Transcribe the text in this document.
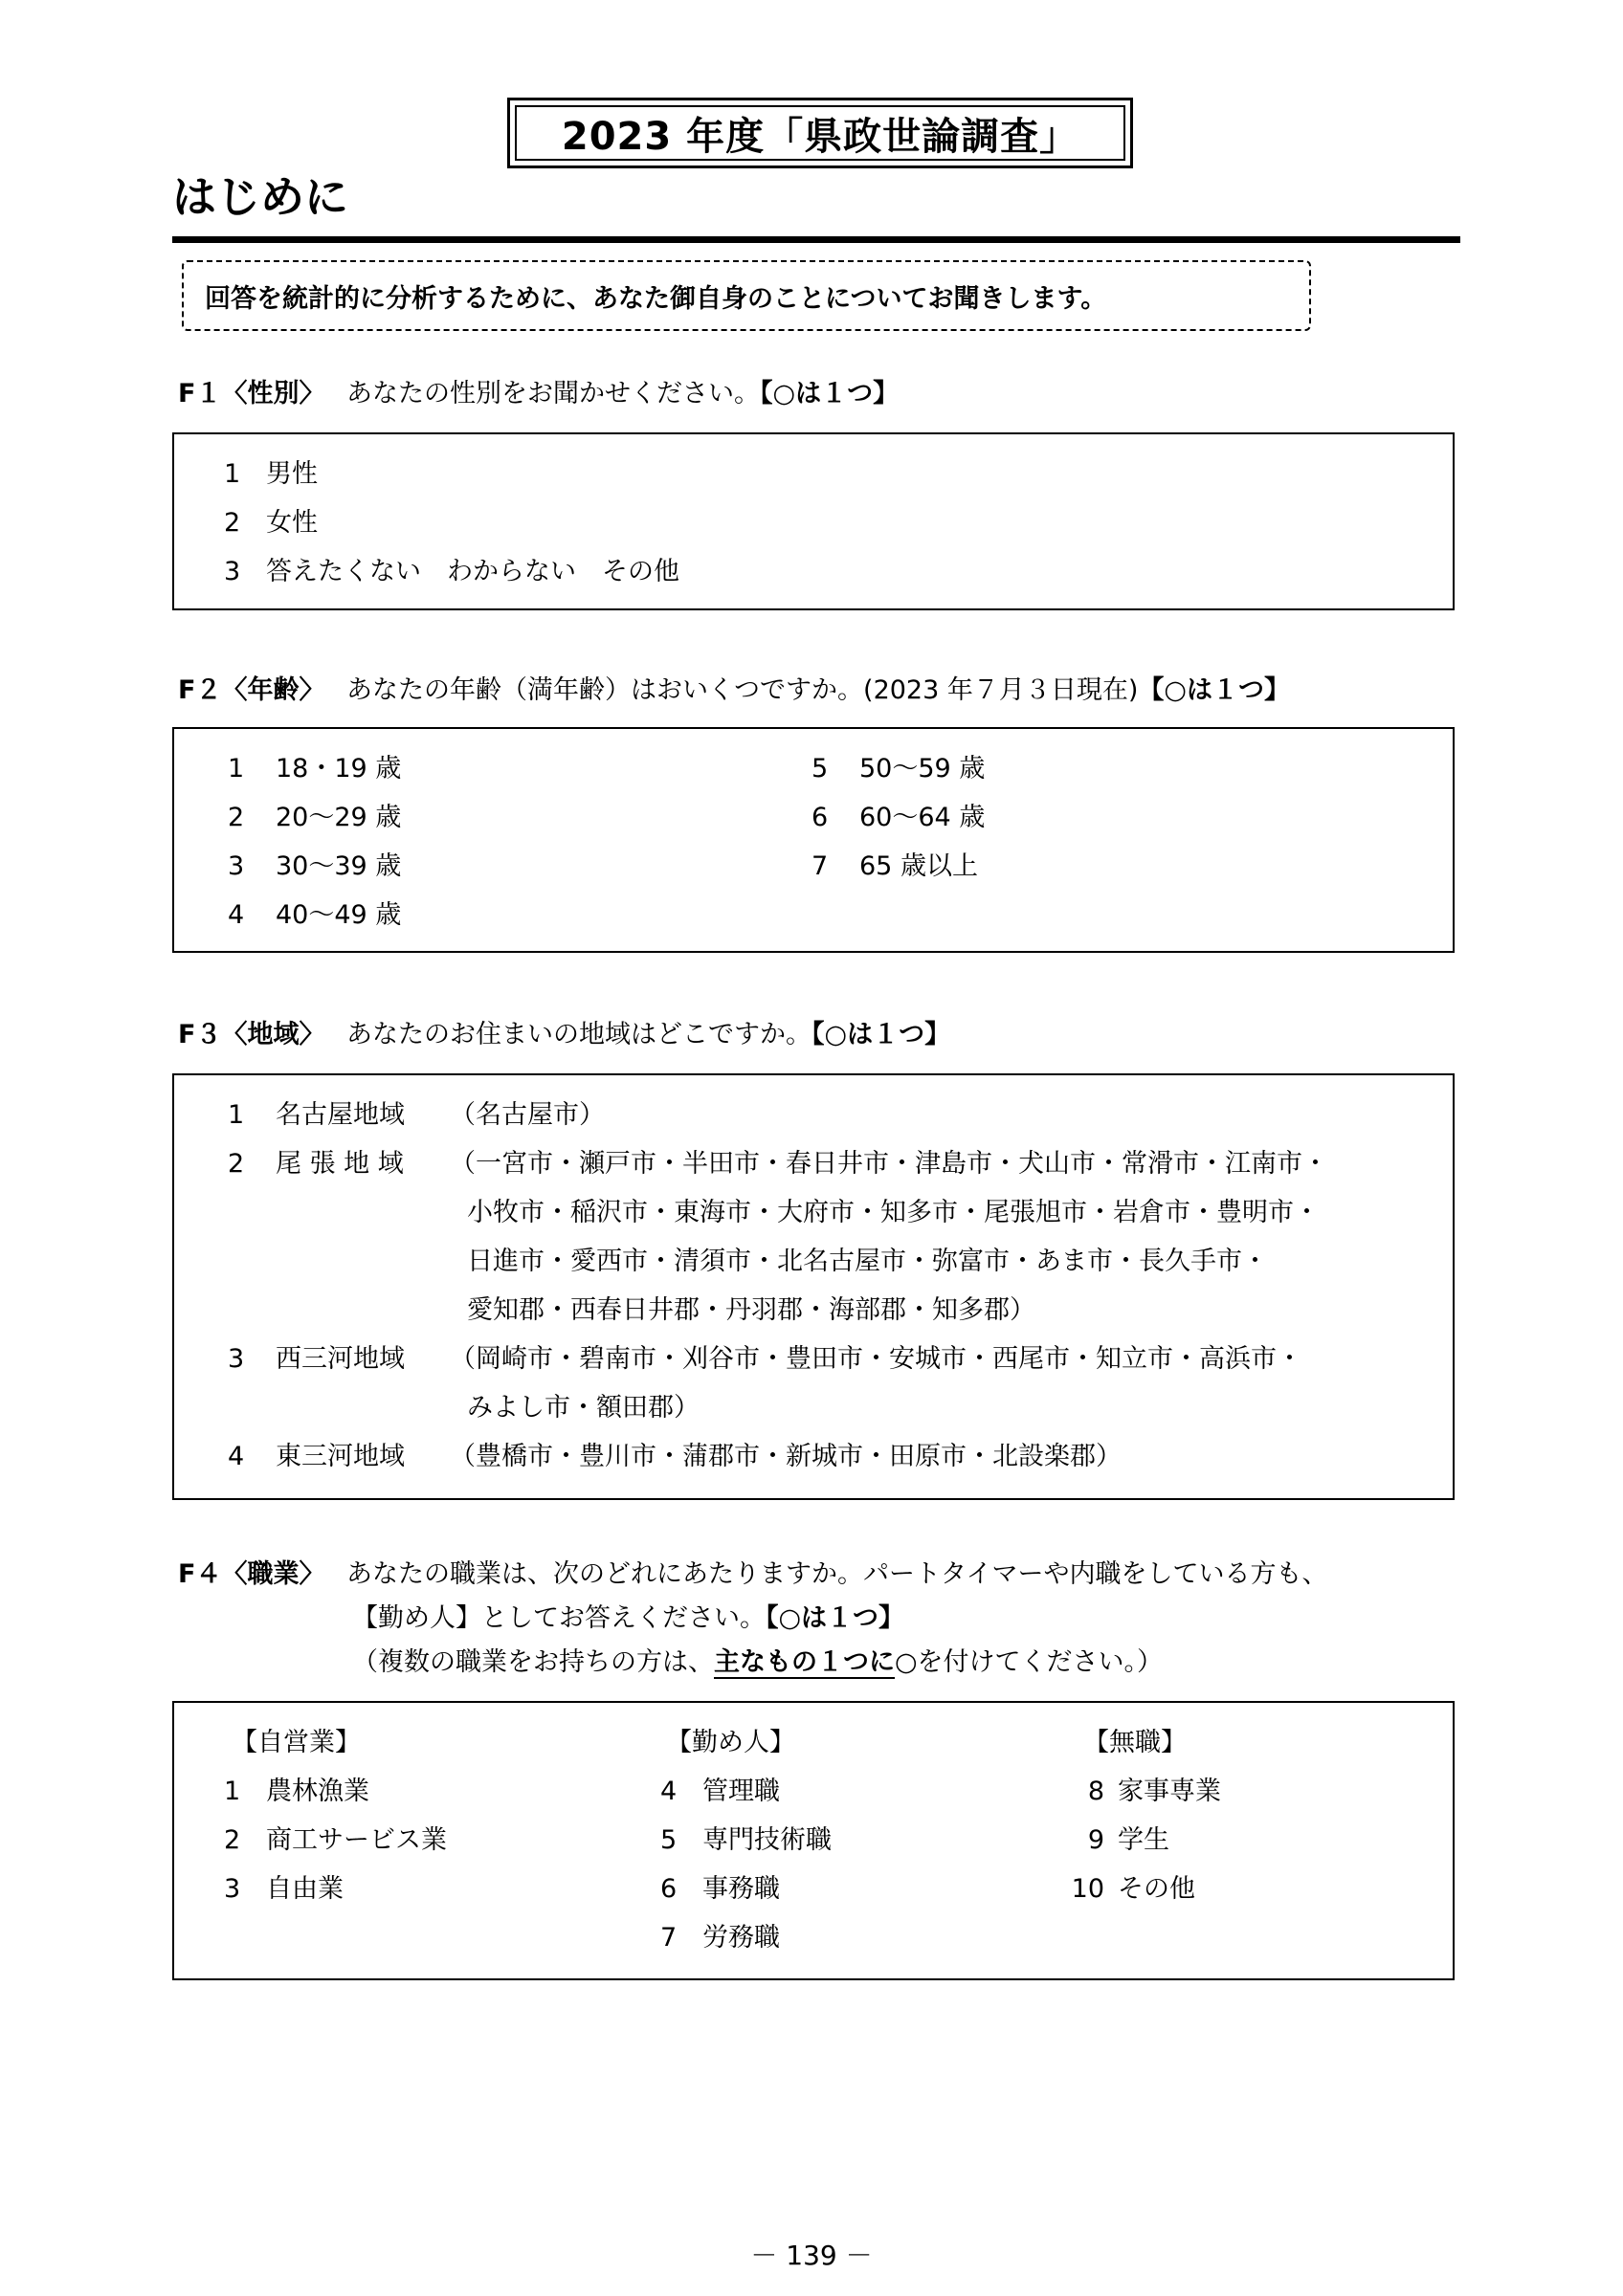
2023 年度「県政世論調査」
はじめに
回答を統計的に分析するために、あなた御自身のことについてお聞きします。
F１〈性別〉 あなたの性別をお聞かせください。【○は１つ】
1 男性
2 女性
3 答えたくない　わからない　その他
F２〈年齢〉 あなたの年齢（満年齢）はおいくつですか。(2023 年７月３日現在)【○は１つ】
1 18・19 歳
2 20～29 歳
3 30～39 歳
4 40～49 歳
5 50～59 歳
6 60～64 歳
7 65 歳以上
F３〈地域〉 あなたのお住まいの地域はどこですか。【○は１つ】
1 名古屋地域 （名古屋市）
2 尾 張 地 域 （一宮市・瀬戸市・半田市・春日井市・津島市・犬山市・常滑市・江南市・
小牧市・稲沢市・東海市・大府市・知多市・尾張旭市・岩倉市・豊明市・
日進市・愛西市・清須市・北名古屋市・弥富市・あま市・長久手市・
愛知郡・西春日井郡・丹羽郡・海部郡・知多郡）
3 西三河地域 （岡崎市・碧南市・刈谷市・豊田市・安城市・西尾市・知立市・高浜市・
みよし市・額田郡）
4 東三河地域 （豊橋市・豊川市・蒲郡市・新城市・田原市・北設楽郡）
F４〈職業〉 あなたの職業は、次のどれにあたりますか。パートタイマーや内職をしている方も、
【勤め人】としてお答えください。【○は１つ】
（複数の職業をお持ちの方は、主なもの１つに○を付けてください。）
【自営業】
1 農林漁業
2 商工サービス業
3 自由業
【勤め人】
4 管理職
5 専門技術職
6 事務職
7 労務職
【無職】
8 家事専業
9 学生
10 その他
－ 139 －
